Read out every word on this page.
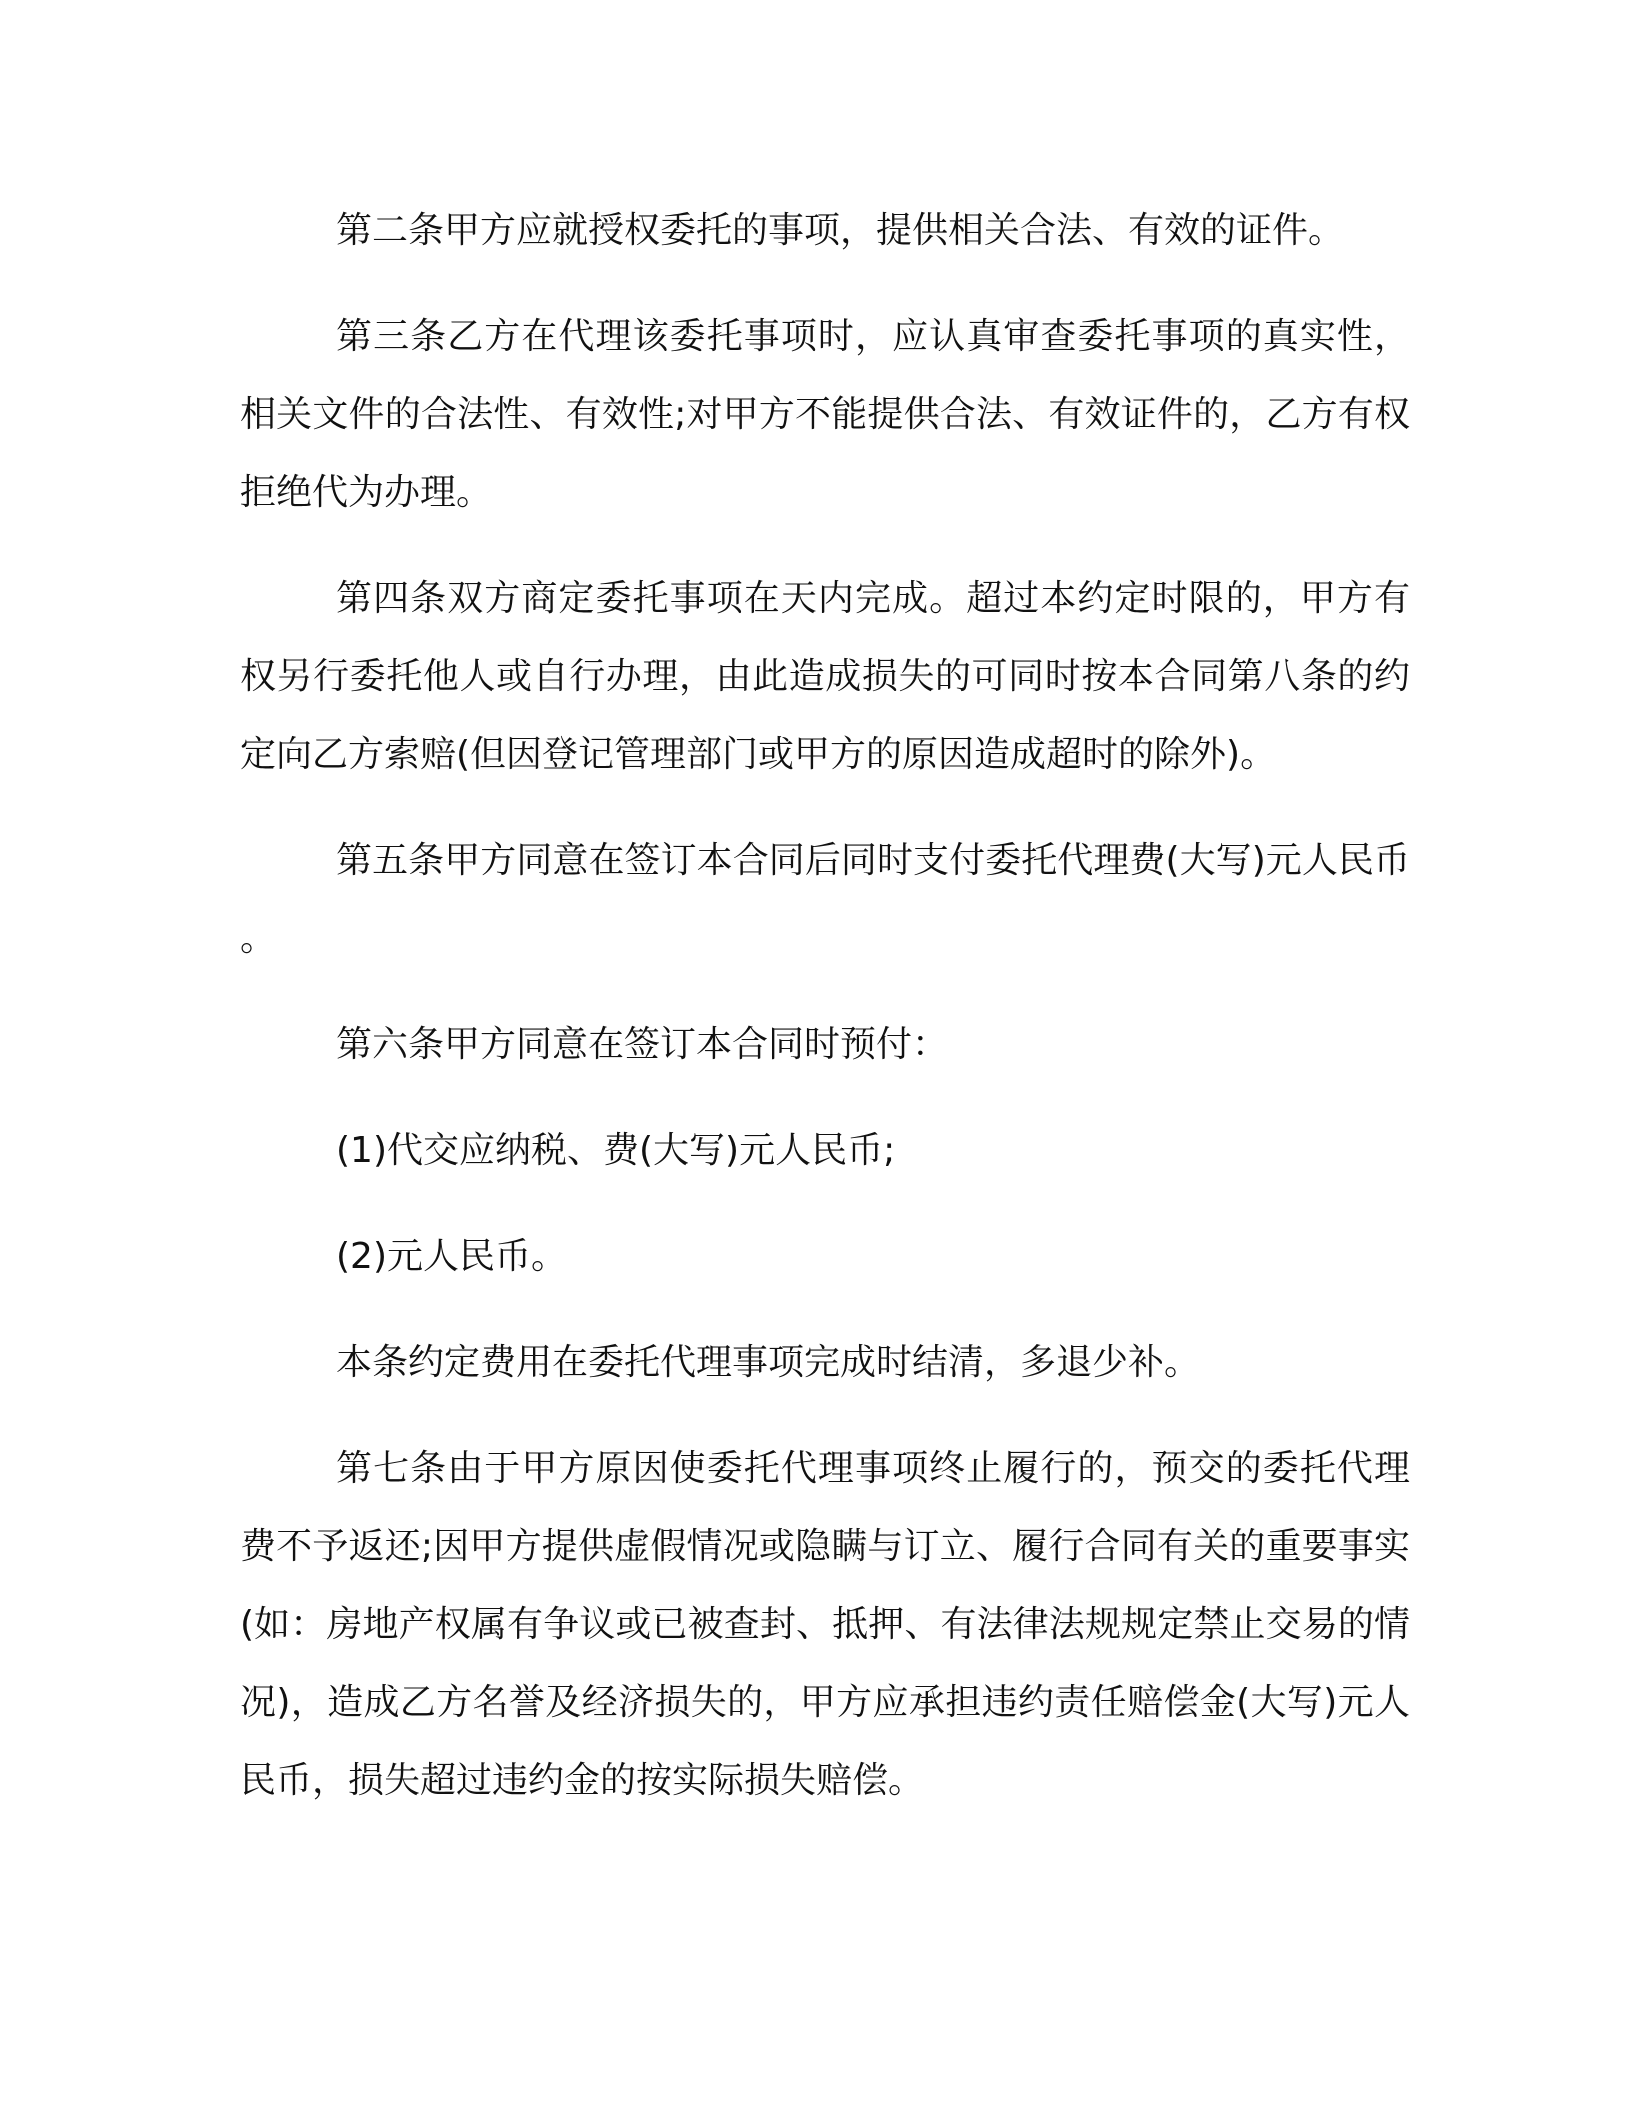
第二条甲方应就授权委托的事项，提供相关合法、有效的证件。

第三条乙方在代理该委托事项时，应认真审查委托事项的真实性，相关文件的合法性、有效性;对甲方不能提供合法、有效证件的，乙方有权拒绝代为办理。

第四条双方商定委托事项在天内完成。超过本约定时限的，甲方有权另行委托他人或自行办理，由此造成损失的可同时按本合同第八条的约定向乙方索赔(但因登记管理部门或甲方的原因造成超时的除外)。

第五条甲方同意在签订本合同后同时支付委托代理费(大写)元人民币。

第六条甲方同意在签订本合同时预付：

(1)代交应纳税、费(大写)元人民币;

(2)元人民币。

本条约定费用在委托代理事项完成时结清，多退少补。

第七条由于甲方原因使委托代理事项终止履行的，预交的委托代理费不予返还;因甲方提供虚假情况或隐瞒与订立、履行合同有关的重要事实(如：房地产权属有争议或已被查封、抵押、有法律法规规定禁止交易的情况)，造成乙方名誉及经济损失的，甲方应承担违约责任赔偿金(大写)元人民币，损失超过违约金的按实际损失赔偿。
